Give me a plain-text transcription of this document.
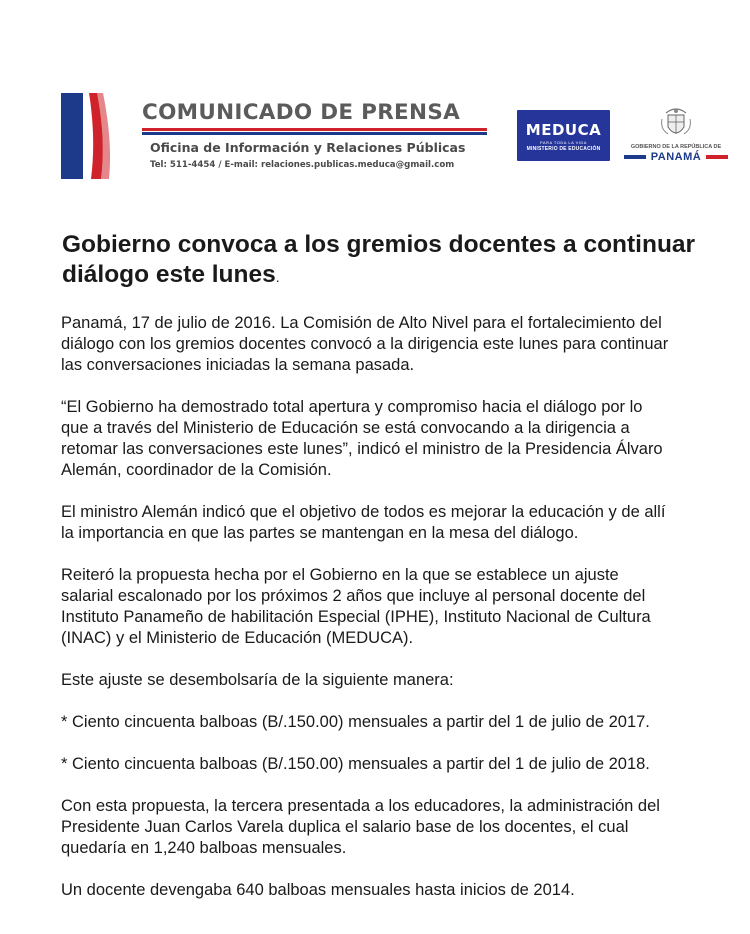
COMUNICADO DE PRENSA
Oficina de Información y Relaciones Públicas
Tel: 511-4454 / E-mail: relaciones.publicas.meduca@gmail.com
MEDUCA
PARA TODA LA VIDA
MINISTERIO DE EDUCACIÓN	GOBIERNO DE LA REPÚBLICA DE
PANAMÁ
Gobierno convoca a los gremios docentes a continuar diálogo este lunes.

Panamá, 17 de julio de 2016. La Comisión de Alto Nivel para el fortalecimiento del
diálogo con los gremios docentes convocó a la dirigencia este lunes para continuar
las conversaciones iniciadas la semana pasada.

“El Gobierno ha demostrado total apertura y compromiso hacia el diálogo por lo
que a través del Ministerio de Educación se está convocando a la dirigencia a
retomar las conversaciones este lunes”, indicó el ministro de la Presidencia Álvaro
Alemán, coordinador de la Comisión.

El ministro Alemán indicó que el objetivo de todos es mejorar la educación y de allí
la importancia en que las partes se mantengan en la mesa del diálogo.

Reiteró la propuesta hecha por el Gobierno en la que se establece un ajuste
salarial escalonado por los próximos 2 años que incluye al personal docente del
Instituto Panameño de habilitación Especial (IPHE), Instituto Nacional de Cultura
(INAC) y el Ministerio de Educación (MEDUCA).

Este ajuste se desembolsaría de la siguiente manera:

* Ciento cincuenta balboas (B/.150.00) mensuales a partir del 1 de julio de 2017.

* Ciento cincuenta balboas (B/.150.00) mensuales a partir del 1 de julio de 2018.

Con esta propuesta, la tercera presentada a los educadores, la administración del
Presidente Juan Carlos Varela duplica el salario base de los docentes, el cual
quedaría en 1,240 balboas mensuales.

Un docente devengaba 640 balboas mensuales hasta inicios de 2014.
